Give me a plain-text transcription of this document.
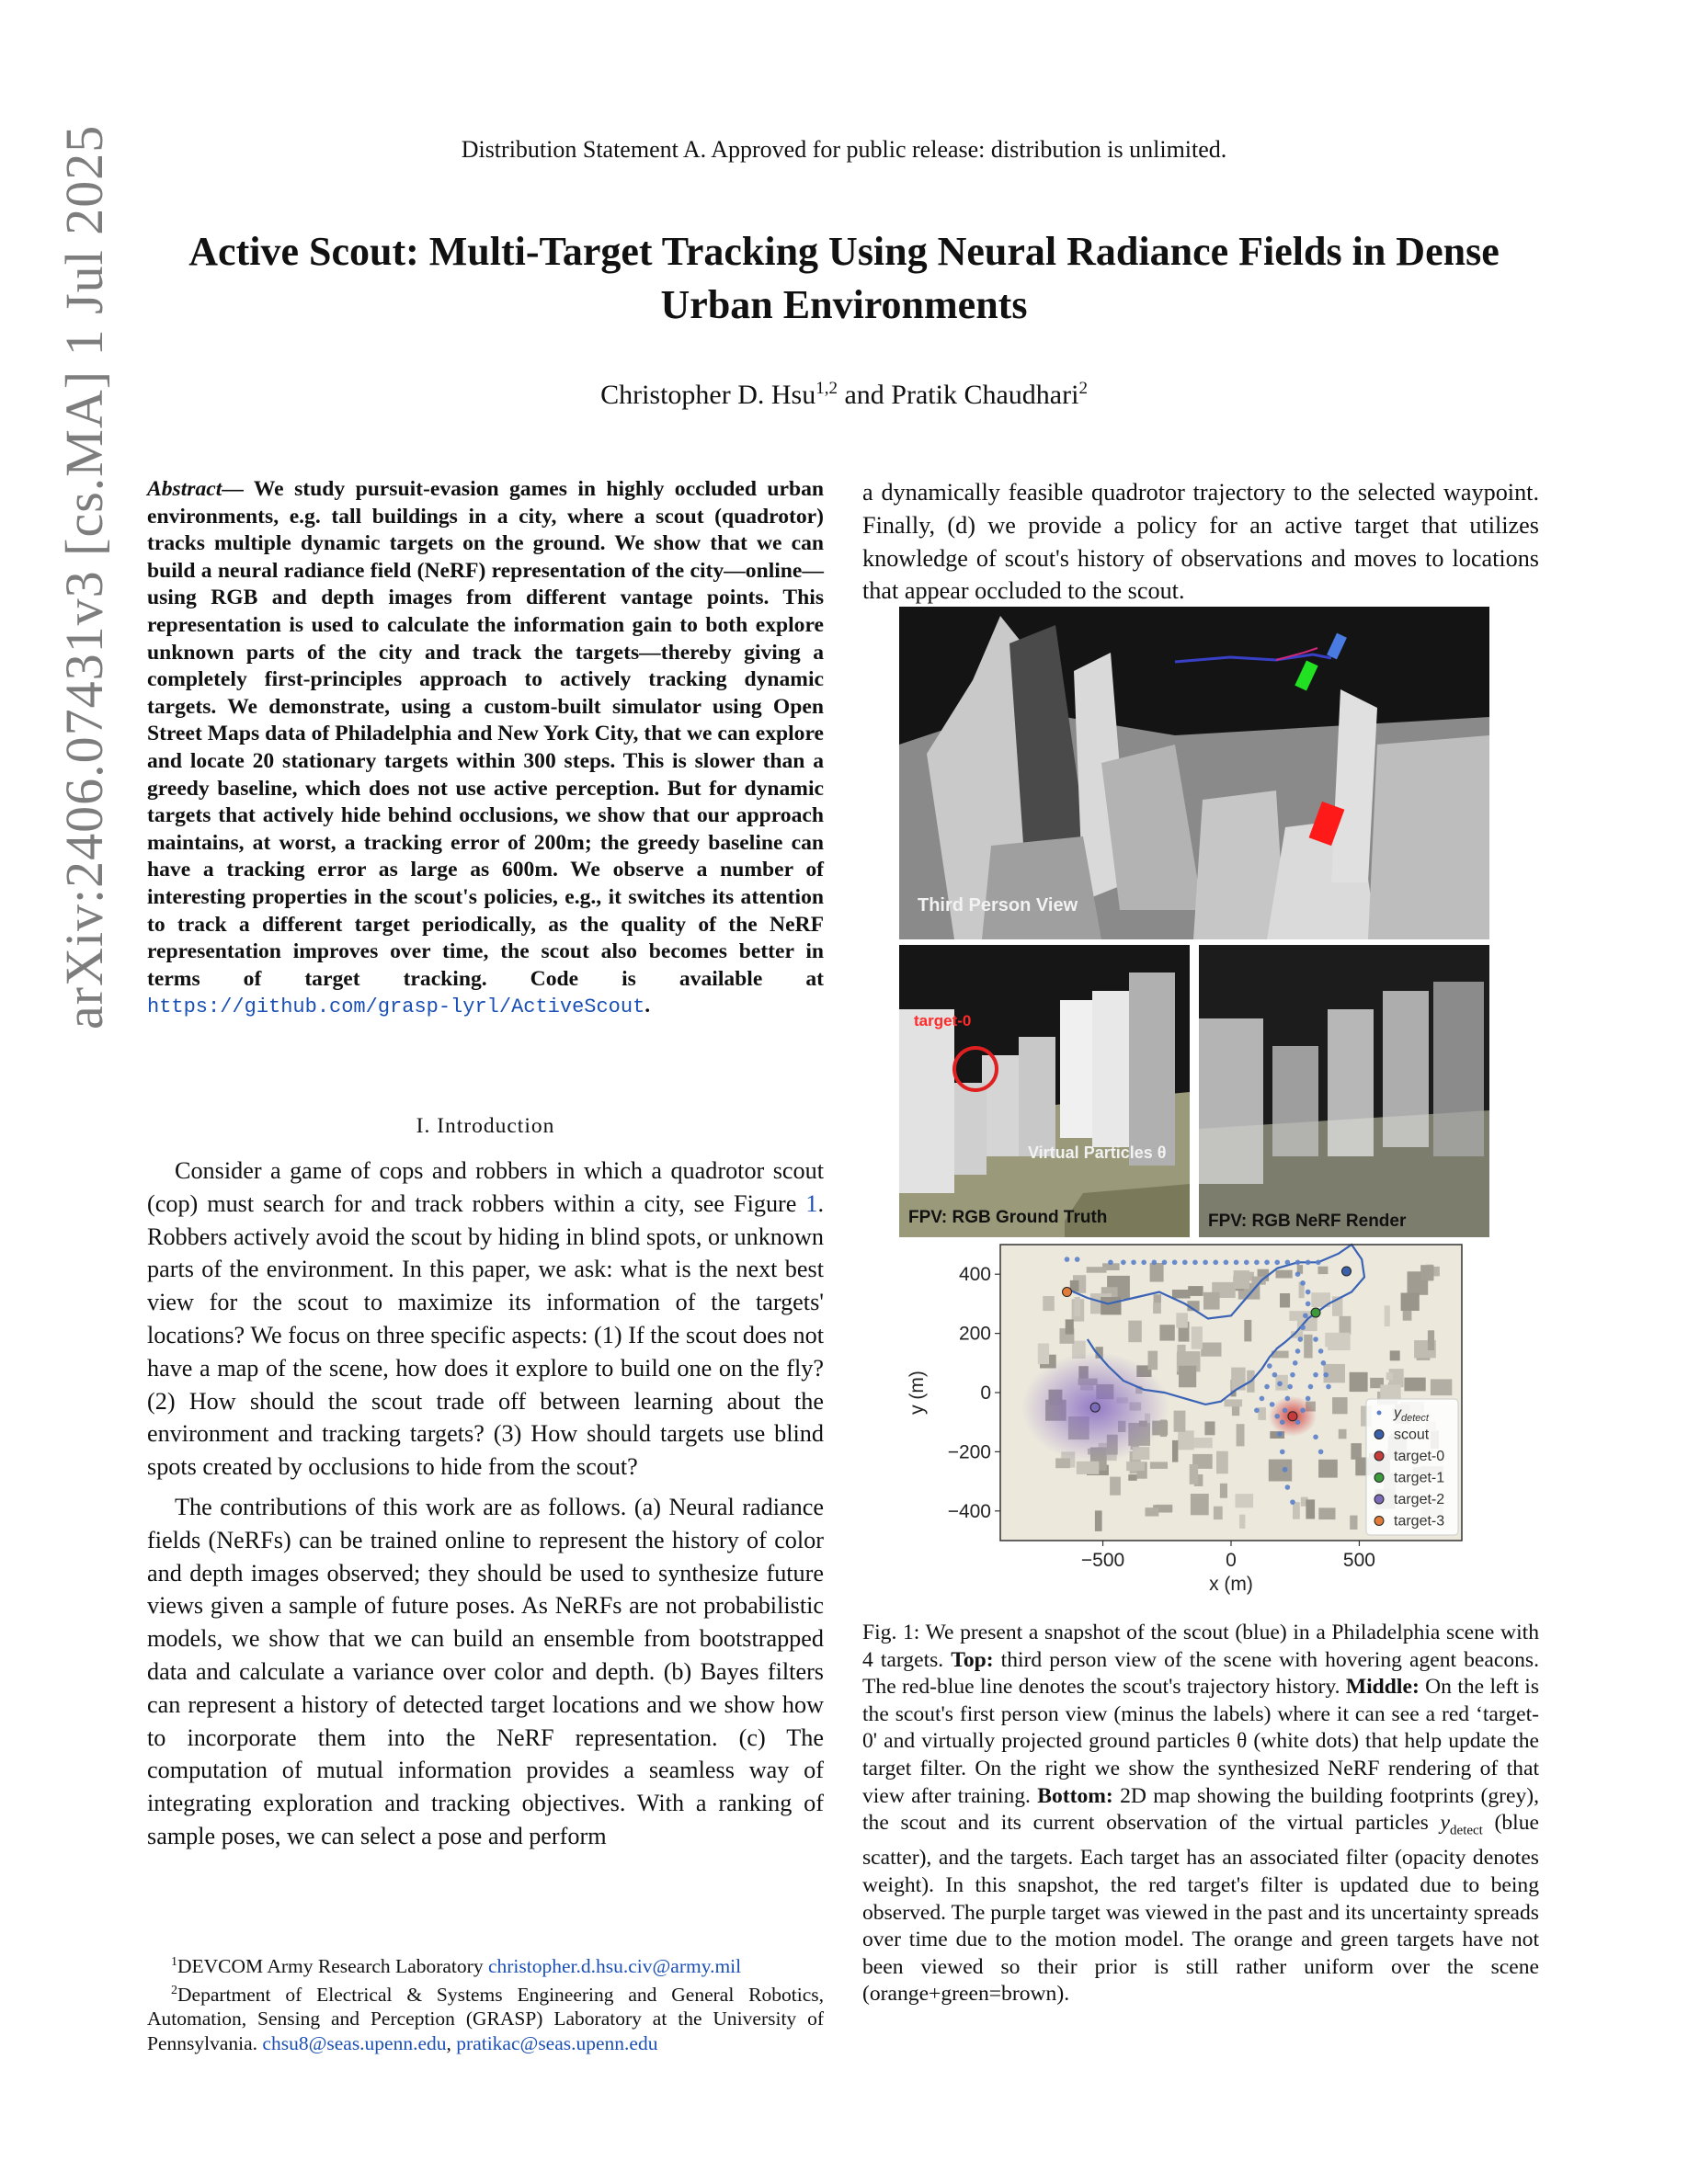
Distribution Statement A. Approved for public release: distribution is unlimited.
Active Scout: Multi-Target Tracking Using Neural Radiance Fields in Dense Urban Environments
Christopher D. Hsu$^{1,2}$ and Pratik Chaudhari$^2$
arXiv:2406.07431v3 [cs.MA] 1 Jul 2025 Abstract— We study pursuit-evasion games in highly occluded urban environments, e.g. tall buildings in a city, where a scout (quadrotor) tracks multiple dynamic targets on the ground. We show that we can build a neural radiance field (NeRF) representation of the city—online—using RGB and depth images from different vantage points. This representation is used to calculate the information gain to both explore unknown parts of the city and track the targets—thereby giving a completely first-principles approach to actively tracking dynamic targets. We demonstrate, using a custom-built simulator using Open Street Maps data of Philadelphia and New York City, that we can explore and locate 20 stationary targets within 300 steps. This is slower than a greedy baseline, which does not use active perception. But for dynamic targets that actively hide behind occlusions, we show that our approach maintains, at worst, a tracking error of 200m; the greedy baseline can have a tracking error as large as 600m. We observe a number of interesting properties in the scout's policies, e.g., it switches its attention to track a different target periodically, as the quality of the NeRF representation improves over time, the scout also becomes better in terms of target tracking. Code is available at https://github.com/grasp-lyrl/ActiveScout.
I. Introduction

Consider a game of cops and robbers in which a quadrotor scout (cop) must search for and track robbers within a city, see Figure 1. Robbers actively avoid the scout by hiding in blind spots, or unknown parts of the environment. In this paper, we ask: what is the next best view for the scout to maximize its information of the targets' locations? We focus on three specific aspects: (1) If the scout does not have a map of the scene, how does it explore to build one on the fly? (2) How should the scout trade off between learning about the environment and tracking targets? (3) How should targets use blind spots created by occlusions to hide from the scout?

The contributions of this work are as follows. (a) Neural radiance fields (NeRFs) can be trained online to represent the history of color and depth images observed; they should be used to synthesize future views given a sample of future poses. As NeRFs are not probabilistic models, we show that we can build an ensemble from bootstrapped data and calculate a variance over color and depth. (b) Bayes filters can represent a history of detected target locations and we show how to incorporate them into the NeRF representation. (c) The computation of mutual information provides a seamless way of integrating exploration and tracking objectives. With a ranking of sample poses, we can select a pose and perform

$^1$DEVCOM Army Research Laboratory christopher.d.hsu.civ@army.mil

$^2$Department of Electrical & Systems Engineering and General Robotics, Automation, Sensing and Perception (GRASP) Laboratory at the University of Pennsylvania. chsu8@seas.upenn.edu, pratikac@seas.upenn.edu

a dynamically feasible quadrotor trajectory to the selected waypoint. Finally, (d) we provide a policy for an active target that utilizes knowledge of scout's history of observations and moves to locations that appear occluded to the scout.
Third Person View
target-0
Virtual Particles θ
FPV: RGB Ground Truth	FPV: RGB NeRF Render
−500	0	500
400
200
0
−200
−400
x (m)
y (m)	$y_{detect}$
scout
target-0
target-1
target-2
target-3
Fig. 1: We present a snapshot of the scout (blue) in a Philadelphia scene with 4 targets. Top: third person view of the scene with hovering agent beacons. The red-blue line denotes the scout's trajectory history. Middle: On the left is the scout's first person view (minus the labels) where it can see a red ‘target-0' and virtually projected ground particles θ (white dots) that help update the target filter. On the right we show the synthesized NeRF rendering of that view after training. Bottom: 2D map showing the building footprints (grey), the scout and its current observation of the virtual particles $y_{detect}$ (blue scatter), and the targets. Each target has an associated filter (opacity denotes weight). In this snapshot, the red target's filter is updated due to being observed. The purple target was viewed in the past and its uncertainty spreads over time due to the motion model. The orange and green targets have not been viewed so their prior is still rather uniform over the scene (orange+green=brown).
